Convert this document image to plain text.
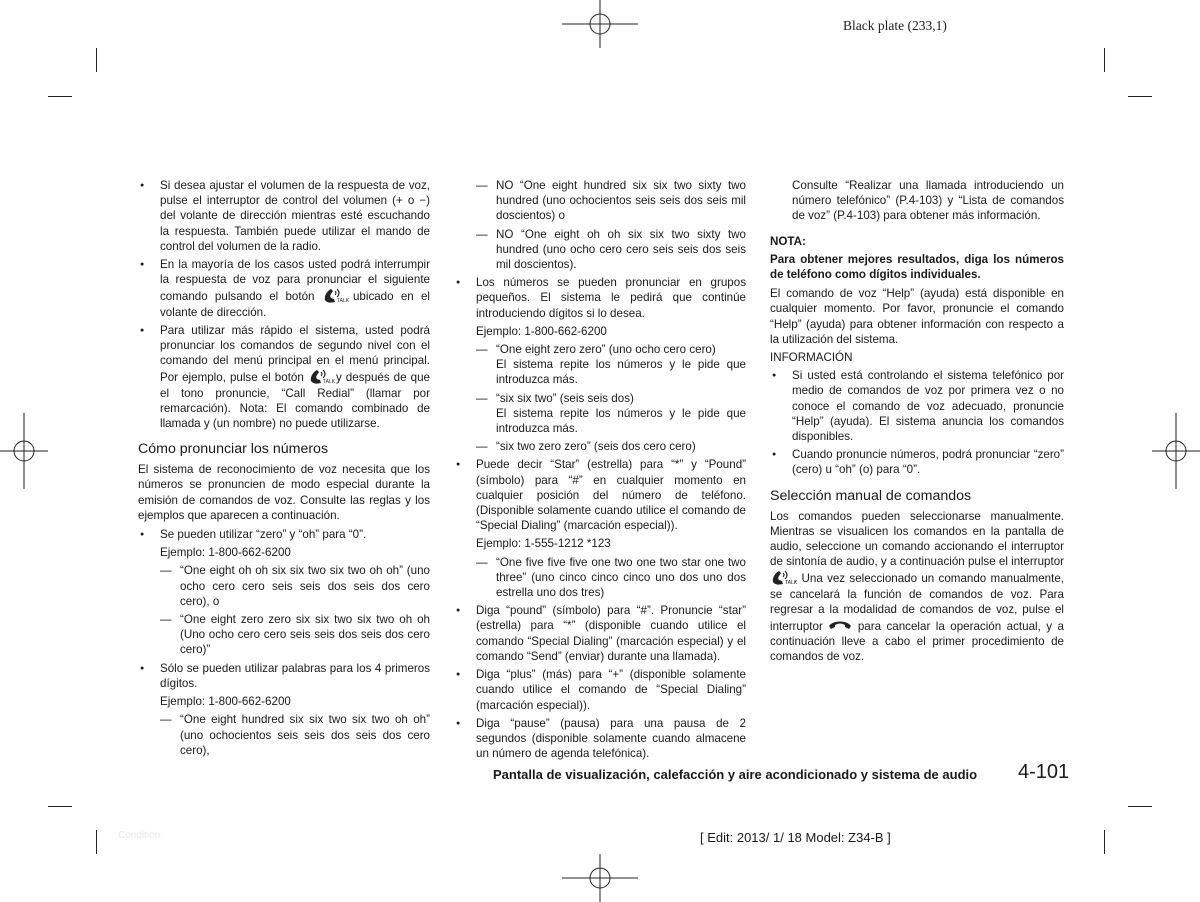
Black plate (233,1)
● Si desea ajustar el volumen de la respuesta de voz, pulse el interruptor de control del volumen (+ o −) del volante de dirección mientras esté escuchando la respuesta. También puede utilizar el mando de control del volumen de la radio.
● En la mayoría de los casos usted podrá interrumpir la respuesta de voz para pronunciar el siguiente comando pulsando el botón	TALK ubicado en el volante de dirección.
● Para utilizar más rápido el sistema, usted podrá pronunciar los comandos de segundo nivel con el comando del menú principal en el menú principal. Por ejemplo, pulse el botón	TALK y después de que el tono pronuncie, “Call Redial” (llamar por remarcación). Nota: El comando combinado de llamada y (un nombre) no puede utilizarse.
Cómo pronunciar los números

El sistema de reconocimiento de voz necesita que los números se pronuncien de modo especial durante la emisión de comandos de voz. Consulte las reglas y los ejemplos que aparecen a continuación.

● Se pueden utilizar “zero” y “oh” para “0”.
Ejemplo: 1-800-662-6200
— “One eight oh oh six six two six two oh oh” (uno ocho cero cero seis seis dos seis dos cero cero), o
— “One eight zero zero six six two six two oh oh (Uno ocho cero cero seis seis dos seis dos cero cero)”
● Sólo se pueden utilizar palabras para los 4 primeros dígitos.
Ejemplo: 1-800-662-6200
— “One eight hundred six six two six two oh oh” (uno ochocientos seis seis dos seis dos cero cero),
— NO “One eight hundred six six two sixty two hundred (uno ochocientos seis seis dos seis mil doscientos) o
— NO “One eight oh oh six six two sixty two hundred (uno ocho cero cero seis seis dos seis mil doscientos).
● Los números se pueden pronunciar en grupos pequeños. El sistema le pedirá que continúe introduciendo dígitos si lo desea.
Ejemplo: 1-800-662-6200
— “One eight zero zero” (uno ocho cero cero)
El sistema repite los números y le pide que introduzca más.
— “six six two” (seis seis dos)
El sistema repite los números y le pide que introduzca más.
— “six two zero zero” (seis dos cero cero)
● Puede decir “Star” (estrella) para “*” y “Pound” (símbolo) para “#” en cualquier momento en cualquier posición del número de teléfono. (Disponible solamente cuando utilice el comando de “Special Dialing” (marcación especial)).
Ejemplo: 1-555-1212 *123
— “One five five five one two one two star one two three” (uno cinco cinco cinco uno dos uno dos estrella uno dos tres)
● Diga “pound” (símbolo) para “#”. Pronuncie “star” (estrella) para “*” (disponible cuando utilice el comando “Special Dialing” (marcación especial) y el comando “Send” (enviar) durante una llamada).
● Diga “plus” (más) para “+” (disponible solamente cuando utilice el comando de “Special Dialing” (marcación especial)).
● Diga “pause” (pausa) para una pausa de 2 segundos (disponible solamente cuando almacene un número de agenda telefónica).

Consulte “Realizar una llamada introduciendo un número telefónico” (P.4-103) y “Lista de comandos de voz” (P.4-103) para obtener más información.

NOTA:
Para obtener mejores resultados, diga los números de teléfono como dígitos individuales.

El comando de voz “Help” (ayuda) está disponible en cualquier momento. Por favor, pronuncie el comando “Help” (ayuda) para obtener información con respecto a la utilización del sistema.

INFORMACIÓN
● Si usted está controlando el sistema telefónico por medio de comandos de voz por primera vez o no conoce el comando de voz adecuado, pronuncie “Help” (ayuda). El sistema anuncia los comandos disponibles.
● Cuando pronuncie números, podrá pronunciar “zero” (cero) u “oh” (o) para “0”.
Selección manual de comandos

Los comandos pueden seleccionarse manualmente. Mientras se visualicen los comandos en la pantalla de audio, seleccione un comando accionando el interruptor de sintonía de audio, y a continuación pulse el interruptor
TALK
. Una vez seleccionado un comando manualmente, se cancelará la función de comandos de voz. Para regresar a la modalidad de comandos de voz, pulse el interruptor	para cancelar la operación actual, y a continuación lleve a cabo el primer procedimiento de comandos de voz.

Pantalla de visualización, calefacción y aire acondicionado y sistema de audio 4-101
Condition:	[ Edit: 2013/ 1/ 18 Model: Z34-B ]
